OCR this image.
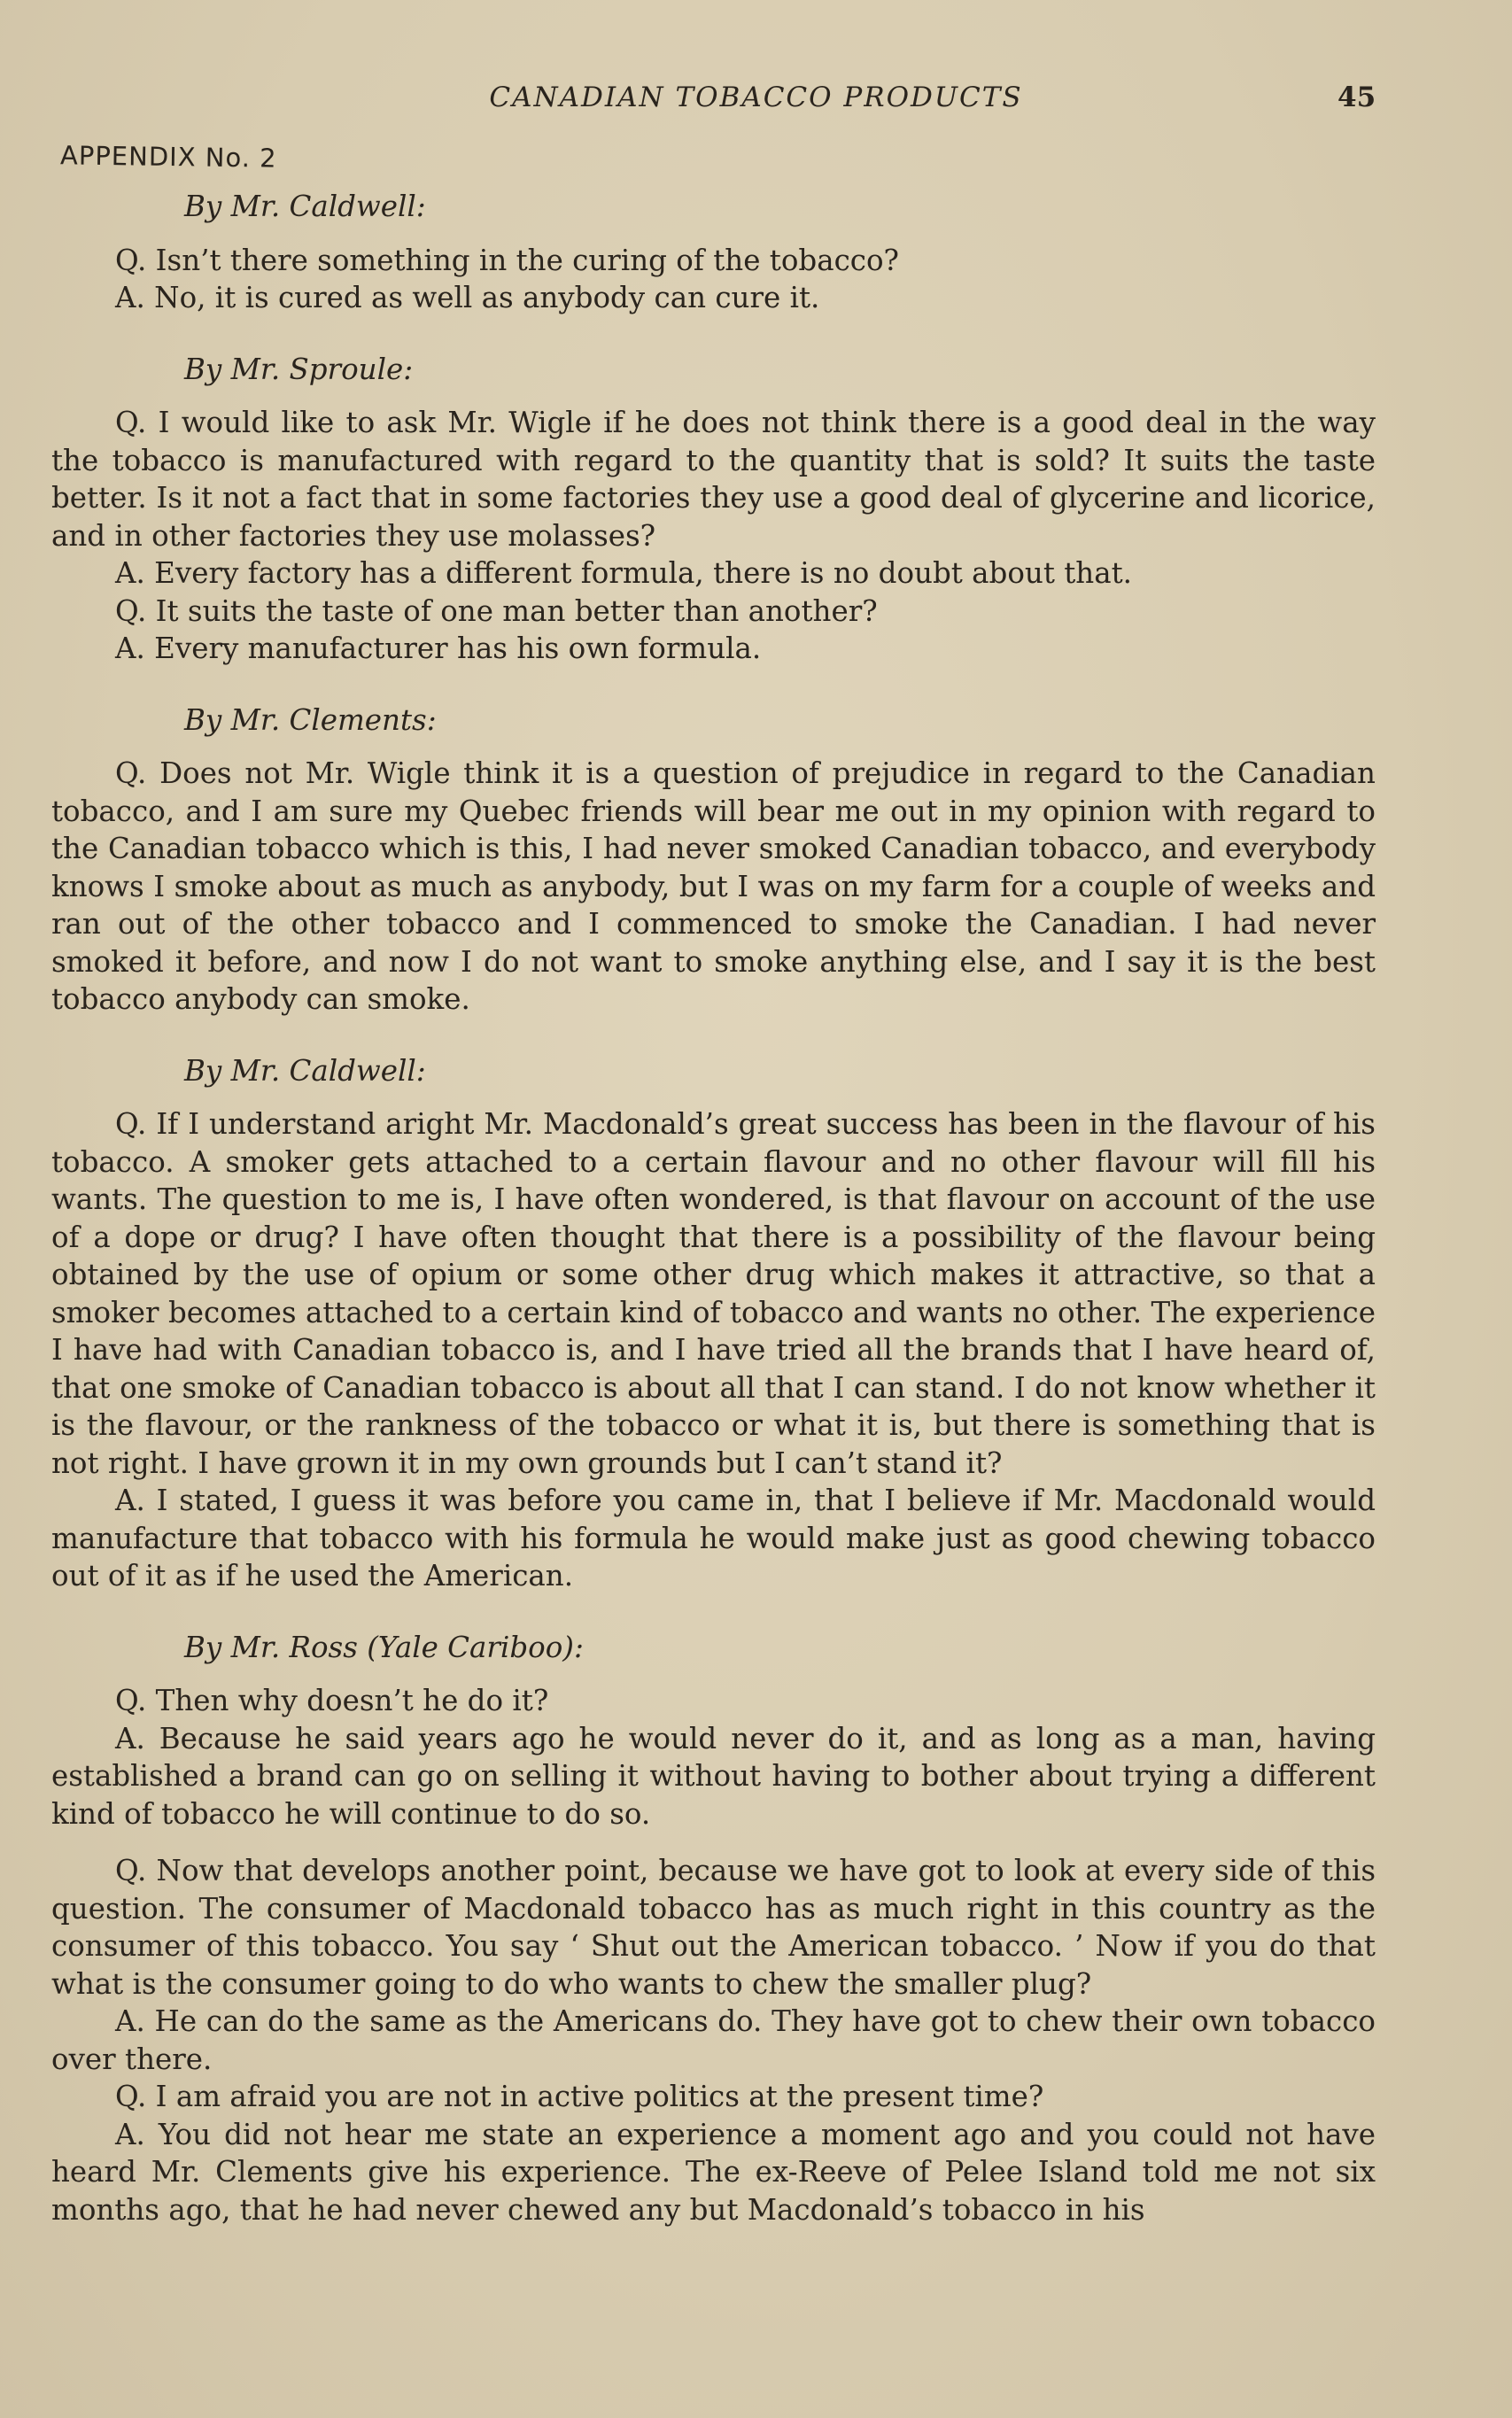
CANADIAN TOBACCO PRODUCTS	45
APPENDIX No. 2
By Mr. Caldwell:

Q. Isn’t there something in the curing of the tobacco?

A. No, it is cured as well as anybody can cure it.

By Mr. Sproule:

Q. I would like to ask Mr. Wigle if he does not think there is a good deal in the way the tobacco is manufactured with regard to the quantity that is sold? It suits the taste better. Is it not a fact that in some factories they use a good deal of glycerine and licorice, and in other factories they use molasses?

A. Every factory has a different formula, there is no doubt about that.

Q. It suits the taste of one man better than another?

A. Every manufacturer has his own formula.

By Mr. Clements:

Q. Does not Mr. Wigle think it is a question of prejudice in regard to the Canadian tobacco, and I am sure my Quebec friends will bear me out in my opinion with regard to the Canadian tobacco which is this, I had never smoked Canadian tobacco, and everybody knows I smoke about as much as anybody, but I was on my farm for a couple of weeks and ran out of the other tobacco and I commenced to smoke the Canadian. I had never smoked it before, and now I do not want to smoke anything else, and I say it is the best tobacco anybody can smoke.

By Mr. Caldwell:

Q. If I understand aright Mr. Macdonald’s great success has been in the flavour of his tobacco. A smoker gets attached to a certain flavour and no other flavour will fill his wants. The question to me is, I have often wondered, is that flavour on account of the use of a dope or drug? I have often thought that there is a possibility of the flavour being obtained by the use of opium or some other drug which makes it attractive, so that a smoker becomes attached to a certain kind of tobacco and wants no other. The experience I have had with Canadian tobacco is, and I have tried all the brands that I have heard of, that one smoke of Canadian tobacco is about all that I can stand. I do not know whether it is the flavour, or the rankness of the tobacco or what it is, but there is something that is not right. I have grown it in my own grounds but I can’t stand it?

A. I stated, I guess it was before you came in, that I believe if Mr. Macdonald would manufacture that tobacco with his formula he would make just as good chewing tobacco out of it as if he used the American.

By Mr. Ross (Yale Cariboo):

Q. Then why doesn’t he do it?

A. Because he said years ago he would never do it, and as long as a man, having established a brand can go on selling it without having to bother about trying a different kind of tobacco he will continue to do so.

Q. Now that develops another point, because we have got to look at every side of this question. The consumer of Macdonald tobacco has as much right in this country as the consumer of this tobacco. You say ‘ Shut out the American tobacco. ’ Now if you do that what is the consumer going to do who wants to chew the smaller plug?

A. He can do the same as the Americans do. They have got to chew their own tobacco over there.

Q. I am afraid you are not in active politics at the present time?

A. You did not hear me state an experience a moment ago and you could not have heard Mr. Clements give his experience. The ex-Reeve of Pelee Island told me not six months ago, that he had never chewed any but Macdonald’s tobacco in his
